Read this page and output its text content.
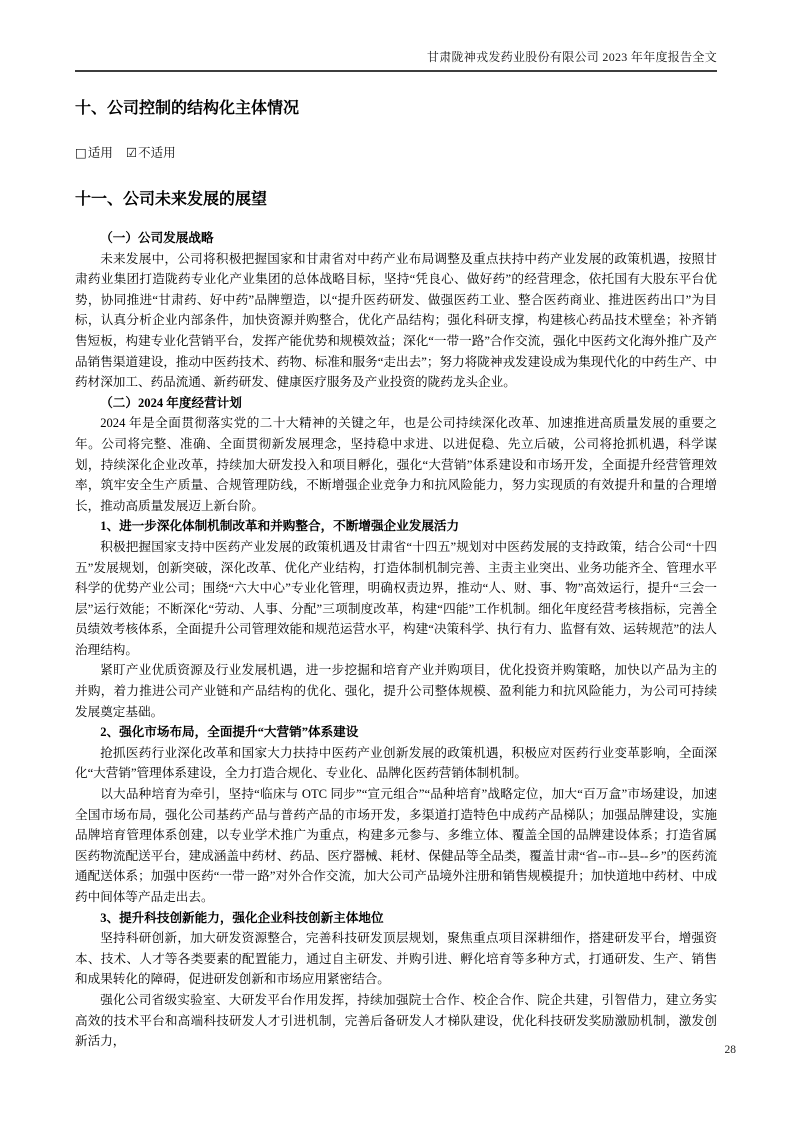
甘肃陇神戎发药业股份有限公司 2023 年年度报告全文
十、公司控制的结构化主体情况
□适用 ☑不适用
十一、公司未来发展的展望

（一）公司发展战略

未来发展中，公司将积极把握国家和甘肃省对中药产业布局调整及重点扶持中药产业发展的政策机遇，按照甘肃药业集团打造陇药专业化产业集团的总体战略目标，坚持“凭良心、做好药”的经营理念，依托国有大股东平台优势，协同推进“甘肃药、好中药”品牌塑造，以“提升医药研发、做强医药工业、整合医药商业、推进医药出口”为目标，认真分析企业内部条件，加快资源并购整合，优化产品结构；强化科研支撑，构建核心药品技术壁垒；补齐销售短板，构建专业化营销平台，发挥产能优势和规模效益；深化“一带一路”合作交流，强化中医药文化海外推广及产品销售渠道建设，推动中医药技术、药物、标准和服务“走出去”；努力将陇神戎发建设成为集现代化的中药生产、中药材深加工、药品流通、新药研发、健康医疗服务及产业投资的陇药龙头企业。

（二）2024 年度经营计划

2024 年是全面贯彻落实党的二十大精神的关键之年，也是公司持续深化改革、加速推进高质量发展的重要之年。公司将完整、准确、全面贯彻新发展理念，坚持稳中求进、以进促稳、先立后破，公司将抢抓机遇，科学谋划，持续深化企业改革，持续加大研发投入和项目孵化，强化“大营销”体系建设和市场开发，全面提升经营管理效率，筑牢安全生产质量、合规管理防线，不断增强企业竞争力和抗风险能力，努力实现质的有效提升和量的合理增长，推动高质量发展迈上新台阶。

1、进一步深化体制机制改革和并购整合，不断增强企业发展活力

积极把握国家支持中医药产业发展的政策机遇及甘肃省“十四五”规划对中医药发展的支持政策，结合公司“十四五”发展规划，创新突破，深化改革、优化产业结构，打造体制机制完善、主责主业突出、业务功能齐全、管理水平科学的优势产业公司；围绕“六大中心”专业化管理，明确权责边界，推动“人、财、事、物”高效运行，提升“三会一层”运行效能；不断深化“劳动、人事、分配”三项制度改革，构建“四能”工作机制。细化年度经营考核指标，完善全员绩效考核体系，全面提升公司管理效能和规范运营水平，构建“决策科学、执行有力、监督有效、运转规范”的法人治理结构。

紧盯产业优质资源及行业发展机遇，进一步挖掘和培育产业并购项目，优化投资并购策略，加快以产品为主的并购，着力推进公司产业链和产品结构的优化、强化，提升公司整体规模、盈利能力和抗风险能力，为公司可持续发展奠定基础。

2、强化市场布局，全面提升“大营销”体系建设

抢抓医药行业深化改革和国家大力扶持中医药产业创新发展的政策机遇，积极应对医药行业变革影响，全面深化“大营销”管理体系建设，全力打造合规化、专业化、品牌化医药营销体制机制。

以大品种培育为牵引，坚持“临床与 OTC 同步”“宣元组合”“品种培育”战略定位，加大“百万盒”市场建设，加速全国市场布局，强化公司基药产品与普药产品的市场开发，多渠道打造特色中成药产品梯队；加强品牌建设，实施品牌培育管理体系创建，以专业学术推广为重点，构建多元参与、多维立体、覆盖全国的品牌建设体系；打造省属医药物流配送平台，建成涵盖中药材、药品、医疗器械、耗材、保健品等全品类，覆盖甘肃“省--市--县--乡”的医药流通配送体系；加强中医药“一带一路”对外合作交流，加大公司产品境外注册和销售规模提升；加快道地中药材、中成药中间体等产品走出去。

3、提升科技创新能力，强化企业科技创新主体地位

坚持科研创新，加大研发资源整合，完善科技研发顶层规划，聚焦重点项目深耕细作，搭建研发平台，增强资本、技术、人才等各类要素的配置能力，通过自主研发、并购引进、孵化培育等多种方式，打通研发、生产、销售和成果转化的障碍，促进研发创新和市场应用紧密结合。

强化公司省级实验室、大研发平台作用发挥，持续加强院士合作、校企合作、院企共建，引智借力，建立务实高效的技术平台和高端科技研发人才引进机制，完善后备研发人才梯队建设，优化科技研发奖励激励机制，激发创新活力，

28
